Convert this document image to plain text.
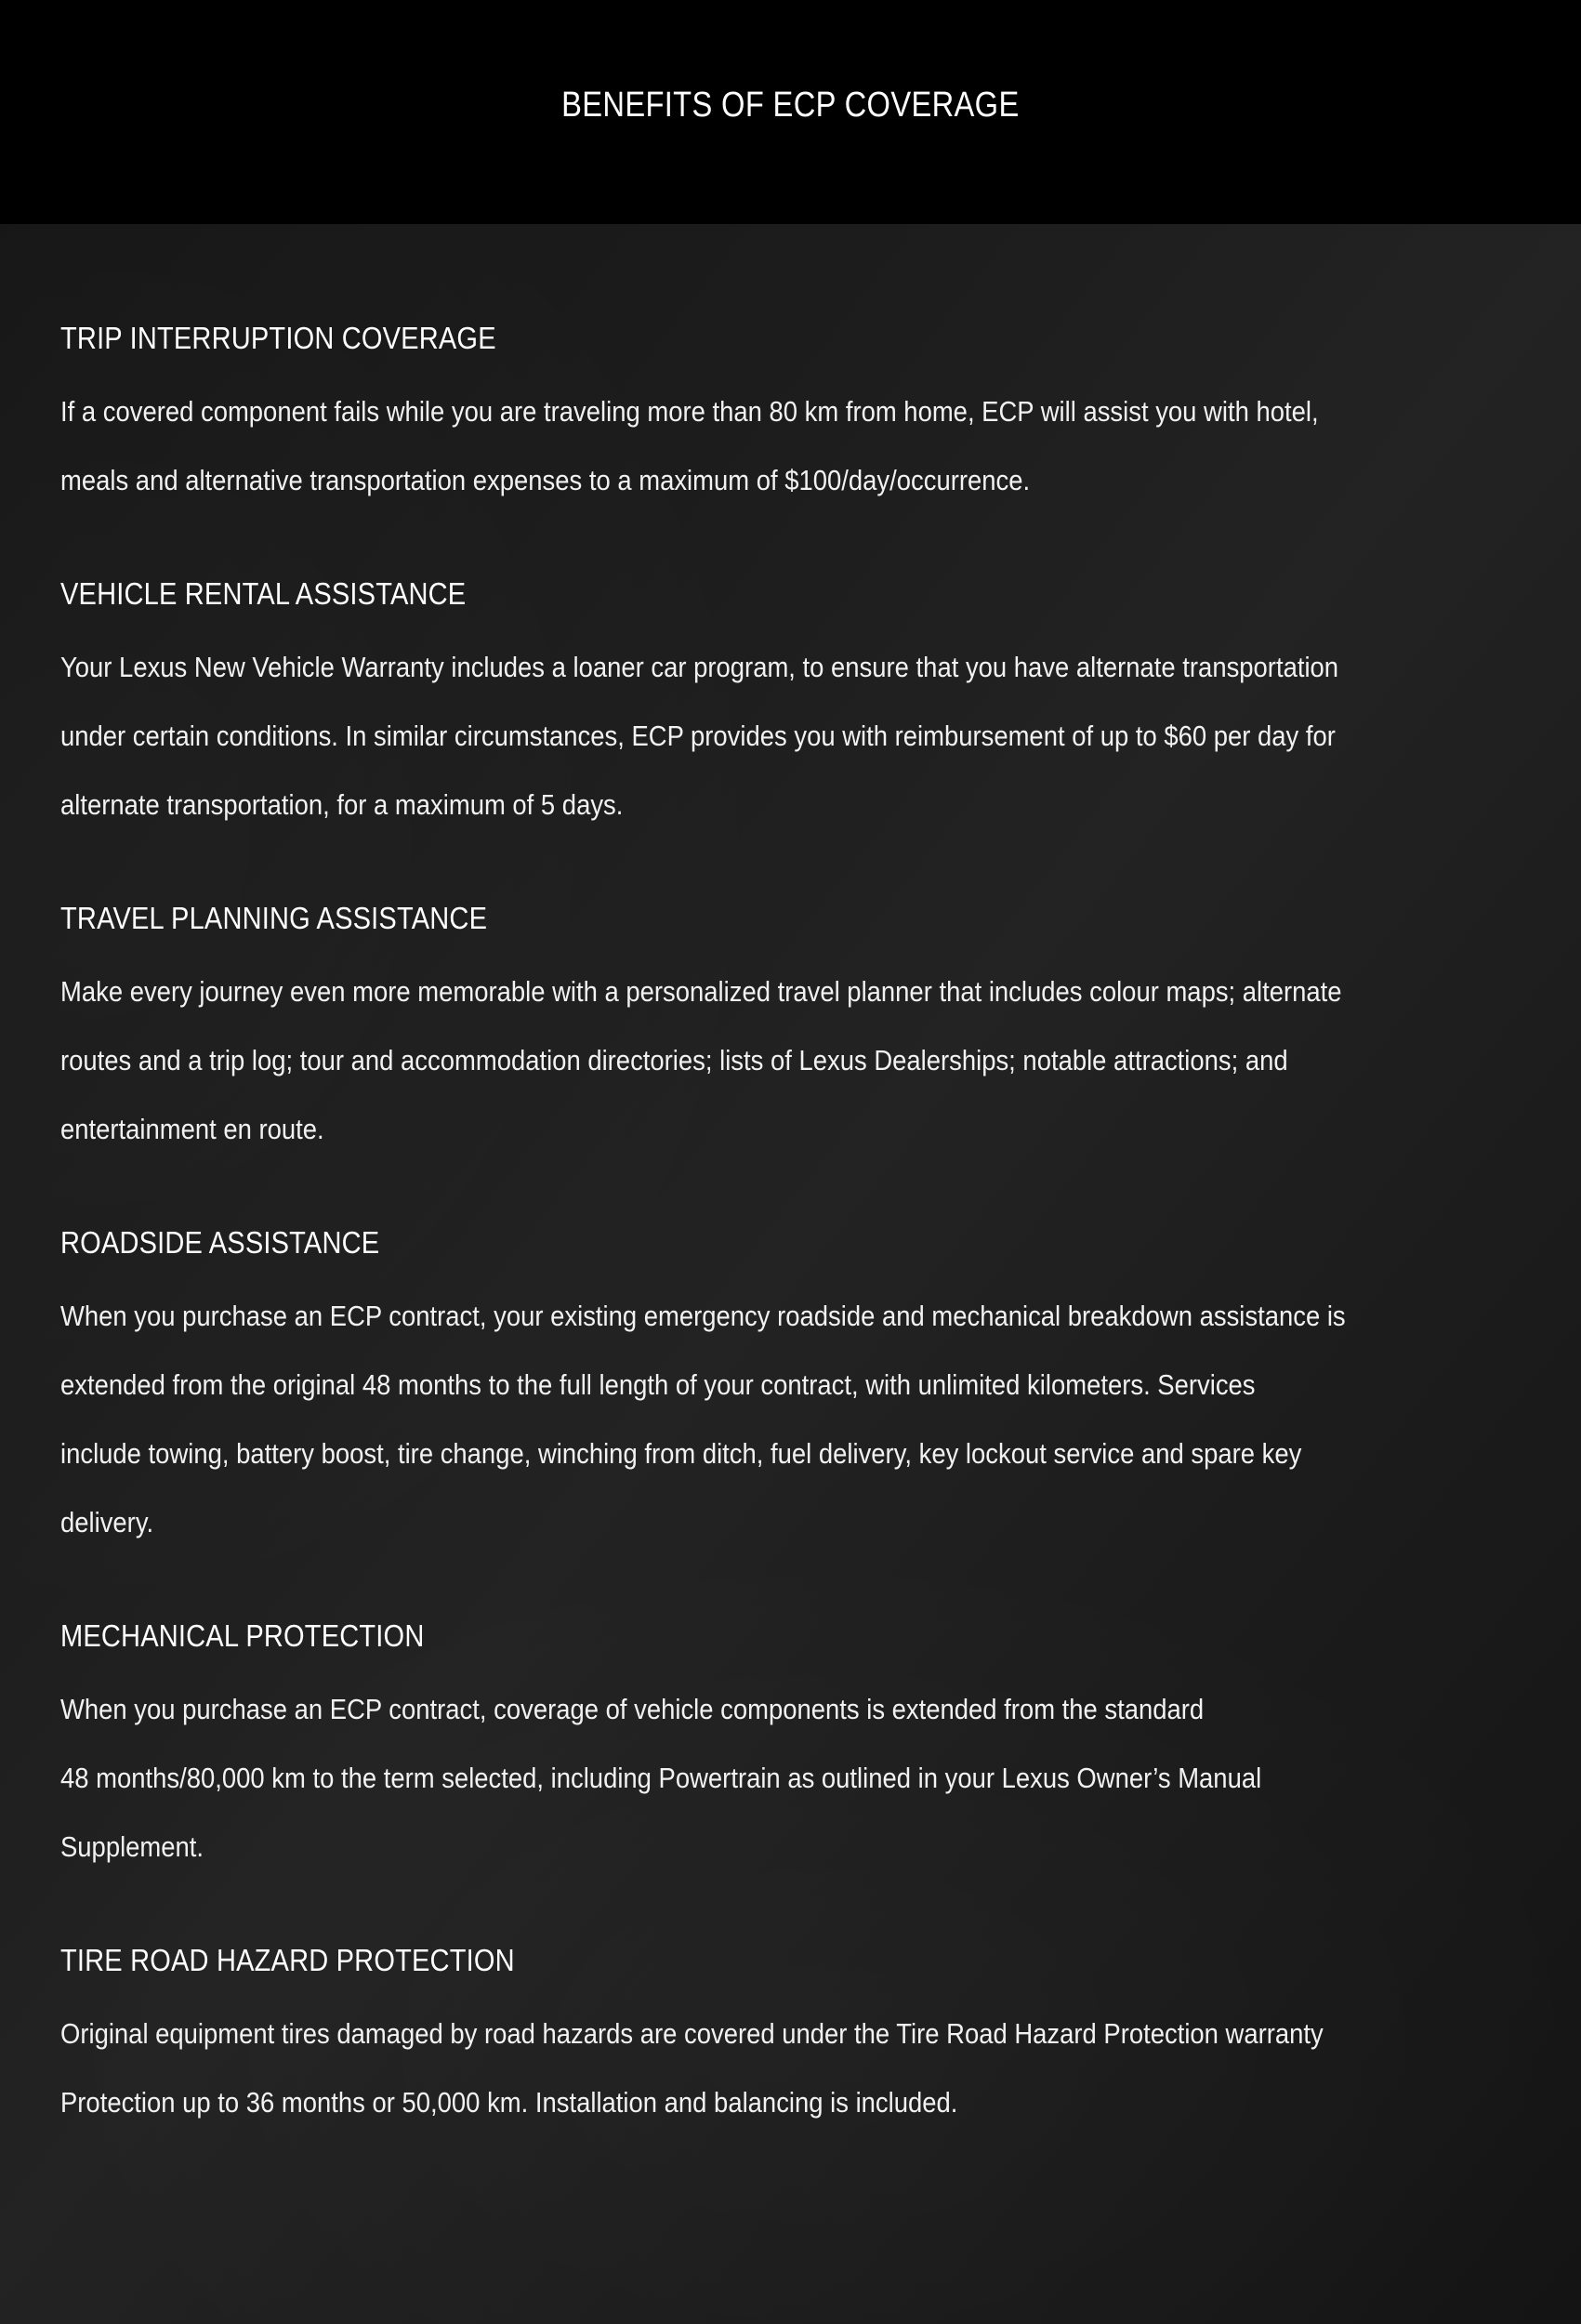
BENEFITS OF ECP COVERAGE
TRIP INTERRUPTION COVERAGE
If a covered component fails while you are traveling more than 80 km from home, ECP will assist you with hotel,
meals and alternative transportation expenses to a maximum of $100/day/occurrence.
VEHICLE RENTAL ASSISTANCE
Your Lexus New Vehicle Warranty includes a loaner car program, to ensure that you have alternate transportation
under certain conditions. In similar circumstances, ECP provides you with reimbursement of up to $60 per day for
alternate transportation, for a maximum of 5 days.
TRAVEL PLANNING ASSISTANCE
Make every journey even more memorable with a personalized travel planner that includes colour maps; alternate
routes and a trip log; tour and accommodation directories; lists of Lexus Dealerships; notable attractions; and
entertainment en route.
ROADSIDE ASSISTANCE
When you purchase an ECP contract, your existing emergency roadside and mechanical breakdown assistance is
extended from the original 48 months to the full length of your contract, with unlimited kilometers. Services
include towing, battery boost, tire change, winching from ditch, fuel delivery, key lockout service and spare key
delivery.
MECHANICAL PROTECTION
When you purchase an ECP contract, coverage of vehicle components is extended from the standard
48 months/80,000 km to the term selected, including Powertrain as outlined in your Lexus Owner’s Manual
Supplement.
TIRE ROAD HAZARD PROTECTION
Original equipment tires damaged by road hazards are covered under the Tire Road Hazard Protection warranty
Protection up to 36 months or 50,000 km. Installation and balancing is included.
